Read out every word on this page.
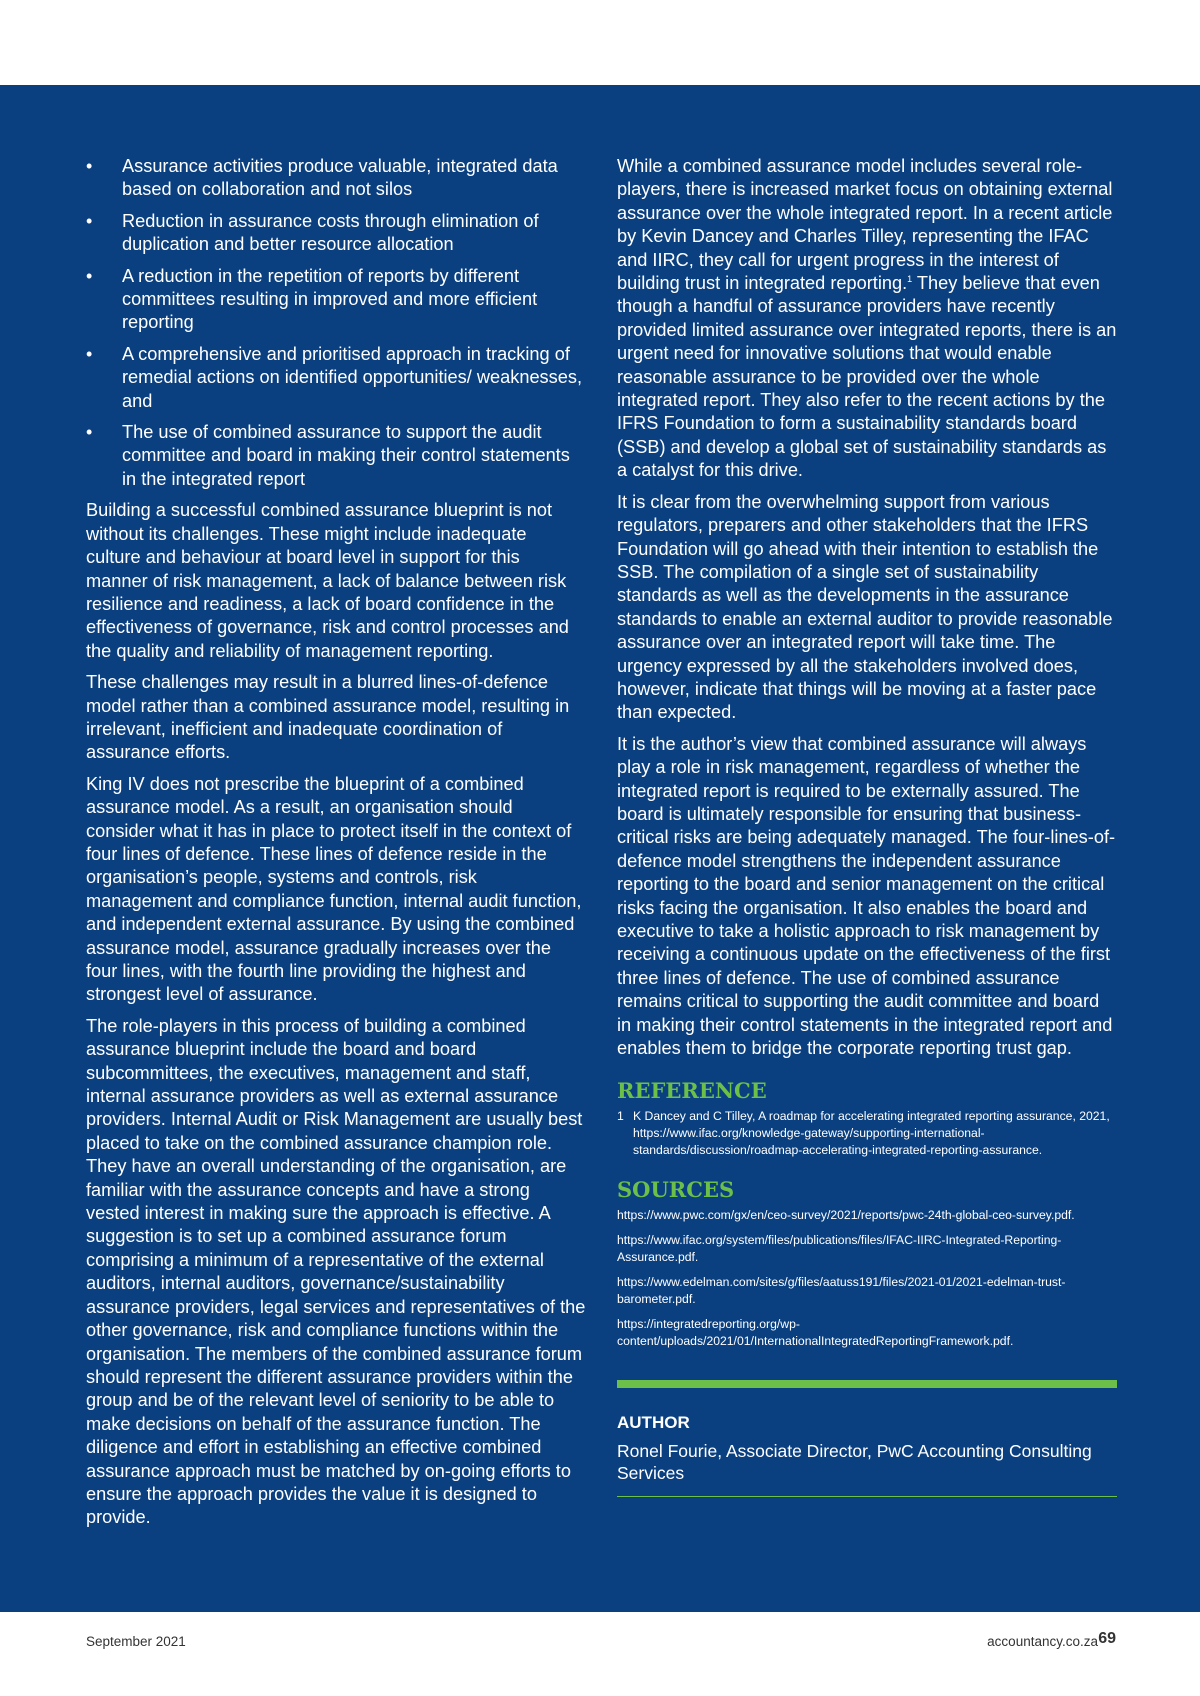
• Assurance activities produce valuable, integrated data based on collaboration and not silos
• Reduction in assurance costs through elimination of duplication and better resource allocation
• A reduction in the repetition of reports by different committees resulting in improved and more efficient reporting
• A comprehensive and prioritised approach in tracking of remedial actions on identified opportunities/ weaknesses, and
• The use of combined assurance to support the audit committee and board in making their control statements in the integrated report

Building a successful combined assurance blueprint is not without its challenges. These might include inadequate culture and behaviour at board level in support for this manner of risk management, a lack of balance between risk resilience and readiness, a lack of board confidence in the effectiveness of governance, risk and control processes and the quality and reliability of management reporting.

These challenges may result in a blurred lines-of-defence model rather than a combined assurance model, resulting in irrelevant, inefficient and inadequate coordination of assurance efforts.

King IV does not prescribe the blueprint of a combined assurance model. As a result, an organisation should consider what it has in place to protect itself in the context of four lines of defence. These lines of defence reside in the organisation’s people, systems and controls, risk management and compliance function, internal audit function, and independent external assurance. By using the combined assurance model, assurance gradually increases over the four lines, with the fourth line providing the highest and strongest level of assurance.

The role-players in this process of building a combined assurance blueprint include the board and board subcommittees, the executives, management and staff, internal assurance providers as well as external assurance providers. Internal Audit or Risk Management are usually best placed to take on the combined assurance champion role. They have an overall understanding of the organisation, are familiar with the assurance concepts and have a strong vested interest in making sure the approach is effective. A suggestion is to set up a combined assurance forum comprising a minimum of a representative of the external auditors, internal auditors, governance/sustainability assurance providers, legal services and representatives of the other governance, risk and compliance functions within the organisation. The members of the combined assurance forum should represent the different assurance providers within the group and be of the relevant level of seniority to be able to make decisions on behalf of the assurance function. The diligence and effort in establishing an effective combined assurance approach must be matched by on-going efforts to ensure the approach provides the value it is designed to provide.

While a combined assurance model includes several role-players, there is increased market focus on obtaining external assurance over the whole integrated report. In a recent article by Kevin Dancey and Charles Tilley, representing the IFAC and IIRC, they call for urgent progress in the interest of building trust in integrated reporting.$^1$ They believe that even though a handful of assurance providers have recently provided limited assurance over integrated reports, there is an urgent need for innovative solutions that would enable reasonable assurance to be provided over the whole integrated report. They also refer to the recent actions by the IFRS Foundation to form a sustainability standards board (SSB) and develop a global set of sustainability standards as a catalyst for this drive.

It is clear from the overwhelming support from various regulators, preparers and other stakeholders that the IFRS Foundation will go ahead with their intention to establish the SSB. The compilation of a single set of sustainability standards as well as the developments in the assurance standards to enable an external auditor to provide reasonable assurance over an integrated report will take time. The urgency expressed by all the stakeholders involved does, however, indicate that things will be moving at a faster pace than expected.

It is the author’s view that combined assurance will always play a role in risk management, regardless of whether the integrated report is required to be externally assured. The board is ultimately responsible for ensuring that business-critical risks are being adequately managed. The four-lines-of-defence model strengthens the independent assurance reporting to the board and senior management on the critical risks facing the organisation. It also enables the board and executive to take a holistic approach to risk management by receiving a continuous update on the effectiveness of the first three lines of defence. The use of combined assurance remains critical to supporting the audit committee and board in making their control statements in the integrated report and enables them to bridge the corporate reporting trust gap.

REFERENCE
1 K Dancey and C Tilley, A roadmap for accelerating integrated reporting assurance, 2021, https://www.ifac.org/knowledge-gateway/supporting-international-standards/discussion/roadmap-accelerating-integrated-reporting-assurance.
SOURCES
https://www.pwc.com/gx/en/ceo-survey/2021/reports/pwc-24th-global-ceo-survey.pdf.
https://www.ifac.org/system/files/publications/files/IFAC-IIRC-Integrated-Reporting-Assurance.pdf.
https://www.edelman.com/sites/g/files/aatuss191/files/2021-01/2021-edelman-trust-barometer.pdf.
https://integratedreporting.org/wp-content/uploads/2021/01/InternationalIntegratedReportingFramework.pdf.
AUTHOR
Ronel Fourie, Associate Director, PwC Accounting Consulting Services
September 2021	accountancy.co.za 69
